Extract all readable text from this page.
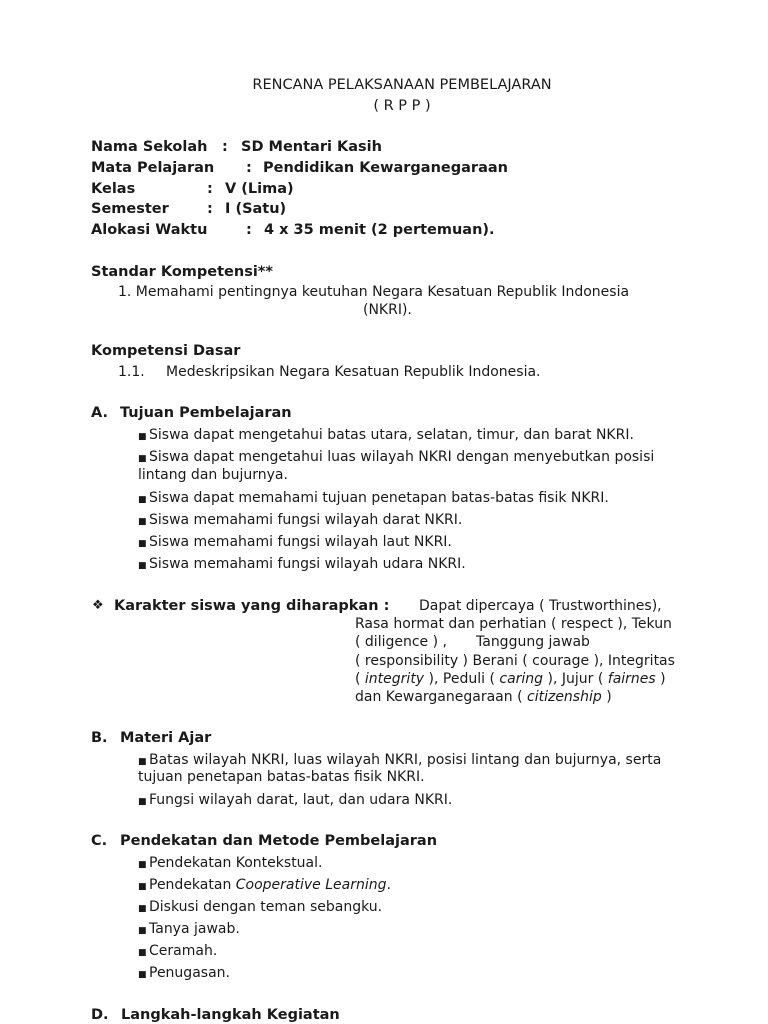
RENCANA PELAKSANAAN PEMBELAJARAN
( R P P )
Nama Sekolah : SD Mentari Kasih
Mata Pelajaran : Pendidikan Kewarganegaraan
Kelas	: V (Lima)
Semester	: I (Satu)
Alokasi Waktu	: 4 x 35 menit (2 pertemuan).
Standar Kompetensi**
1. Memahami pentingnya keutuhan Negara Kesatuan Republik Indonesia
(NKRI).
Kompetensi Dasar
1.1. Medeskripsikan Negara Kesatuan Republik Indonesia.
A. Tujuan Pembelajaran
■ Siswa dapat mengetahui batas utara, selatan, timur, dan barat NKRI.
■ Siswa dapat mengetahui luas wilayah NKRI dengan menyebutkan posisi
lintang dan bujurnya.
■ Siswa dapat memahami tujuan penetapan batas-batas fisik NKRI.
■ Siswa memahami fungsi wilayah darat NKRI.
■ Siswa memahami fungsi wilayah laut NKRI.
■ Siswa memahami fungsi wilayah udara NKRI.
❖ Karakter siswa yang diharapkan : Dapat dipercaya ( Trustworthines),
Rasa hormat dan perhatian ( respect ), Tekun
( diligence ) , Tanggung jawab
( responsibility ) Berani ( courage ), Integritas
( integrity ), Peduli ( caring ), Jujur ( fairnes )
dan Kewarganegaraan ( citizenship )
B. Materi Ajar
■ Batas wilayah NKRI, luas wilayah NKRI, posisi lintang dan bujurnya, serta
tujuan penetapan batas-batas fisik NKRI.
■ Fungsi wilayah darat, laut, dan udara NKRI.
C. Pendekatan dan Metode Pembelajaran
■ Pendekatan Kontekstual.
■ Pendekatan Cooperative Learning.
■ Diskusi dengan teman sebangku.
■ Tanya jawab.
■ Ceramah.
■ Penugasan.
D. Langkah-langkah Kegiatan
